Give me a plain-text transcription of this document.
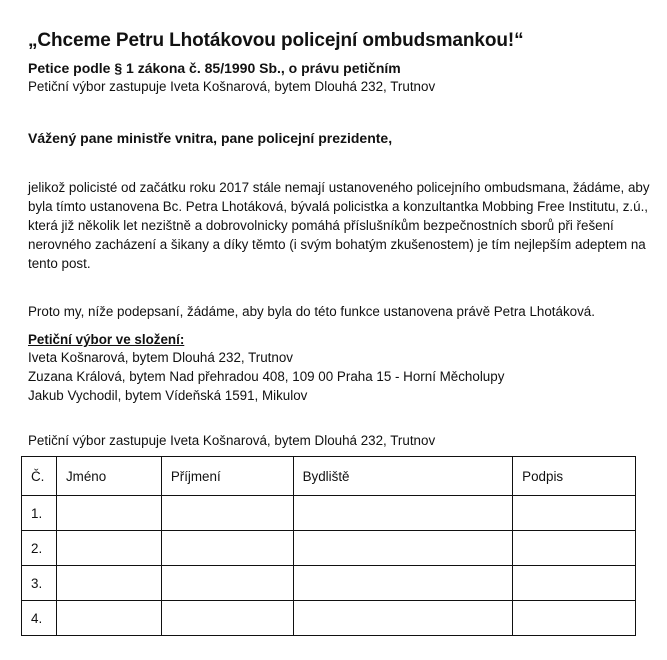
„Chceme Petru Lhotákovou policejní ombudsmankou!“
Petice podle § 1 zákona č. 85/1990 Sb., o právu petičním
Petiční výbor zastupuje Iveta Košnarová, bytem Dlouhá 232, Trutnov
Vážený pane ministře vnitra, pane policejní prezidente,
jelikož policisté od začátku roku 2017 stále nemají ustanoveného policejního ombudsmana, žádáme, aby
byla tímto ustanovena Bc. Petra Lhotáková, bývalá policistka a konzultantka Mobbing Free Institutu, z.ú.,
která již několik let nezištně a dobrovolnicky pomáhá příslušníkům bezpečnostních sborů při řešení
nerovného zacházení a šikany a díky těmto (i svým bohatým zkušenostem) je tím nejlepším adeptem na
tento post.
Proto my, níže podepsaní, žádáme, aby byla do této funkce ustanovena právě Petra Lhotáková.
Petiční výbor ve složení:
Iveta Košnarová, bytem Dlouhá 232, Trutnov
Zuzana Králová, bytem Nad přehradou 408, 109 00 Praha 15 - Horní Měcholupy
Jakub Vychodil, bytem Vídeňská 1591, Mikulov
Petiční výbor zastupuje Iveta Košnarová, bytem Dlouhá 232, Trutnov
Č.	Jméno	Příjmení	Bydliště	Podpis
1.				
2.				
3.				
4.				
